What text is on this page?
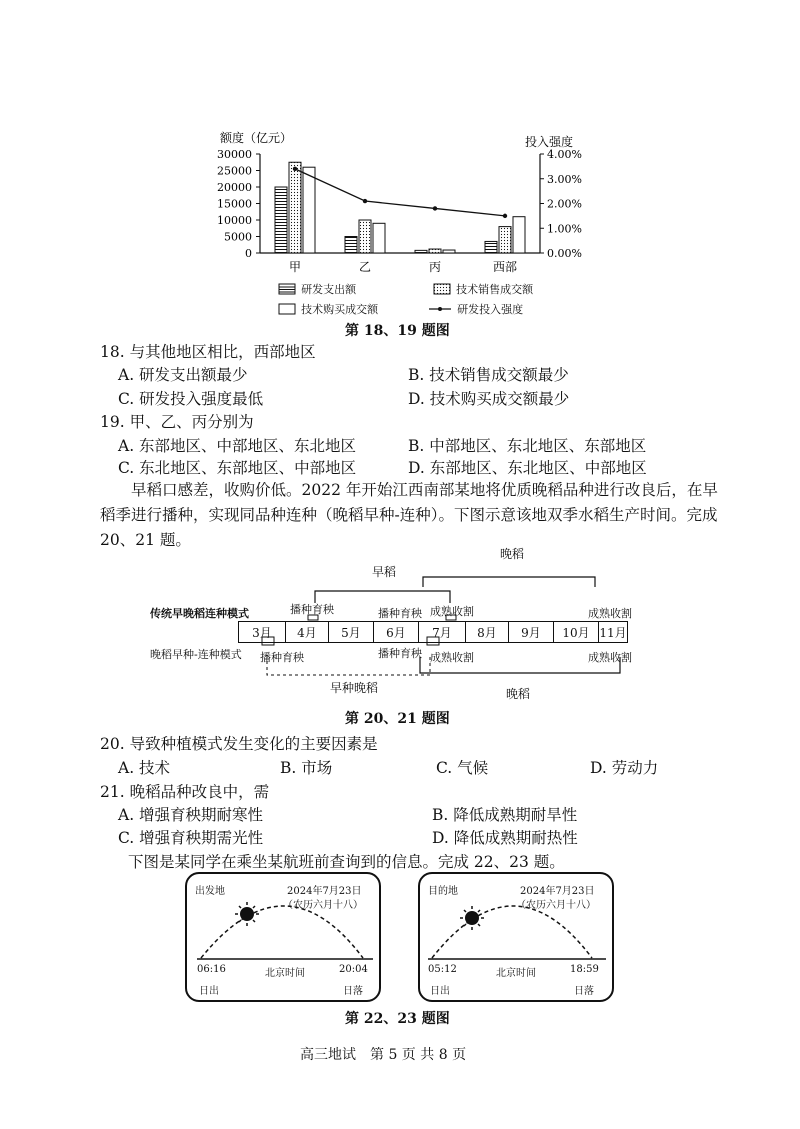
额度（亿元）	投入强度
30000
25000
20000
15000
10000
5000
0
4.00%
3.00%
2.00%
1.00%
0.00%
甲	乙	丙	西部
研发支出额	技术销售成交额
技术购买成交额	研发投入强度
第 18、19 题图
18. 与其他地区相比，西部地区
A. 研发支出额最少	B. 技术销售成交额最少
C. 研发投入强度最低	D. 技术购买成交额最少
19. 甲、乙、丙分别为
A. 东部地区、中部地区、东北地区	B. 中部地区、东北地区、东部地区
C. 东北地区、东部地区、中部地区	D. 东部地区、东北地区、中部地区
早稻口感差，收购价低。2022 年开始江西南部某地将优质晚稻品种进行改良后，在早稻季进行播种，实现同品种连种（晚稻早种-连种）。下图示意该地双季水稻生产时间。完成 20、21 题。
晚稻
早稻
传统早晚稻连种模式	播种育秧	播种育秧 成熟收割	成熟收割
3月	4月	5月	6月	7月	8月	9月	10月 11月
晚稻早种-连种模式 播种育秧	播种育秧 成熟收割	成熟收割
早种晚稻	晚稻
第 20、21 题图
20. 导致种植模式发生变化的主要因素是
A. 技术	B. 市场	C. 气候	D. 劳动力
21. 晚稻品种改良中，需
A. 增强育秧期耐寒性	B. 降低成熟期耐旱性
C. 增强育秧期需光性	D. 降低成熟期耐热性
下图是某同学在乘坐某航班前查询到的信息。完成 22、23 题。
出发地	2024年7月23日
（农历六月十八）
06:16	北京时间	20:04
日出	日落
目的地	2024年7月23日
（农历六月十八）
05:12	北京时间	18:59
日出	日落
第 22、23 题图
高三地试　第 5 页 共 8 页
